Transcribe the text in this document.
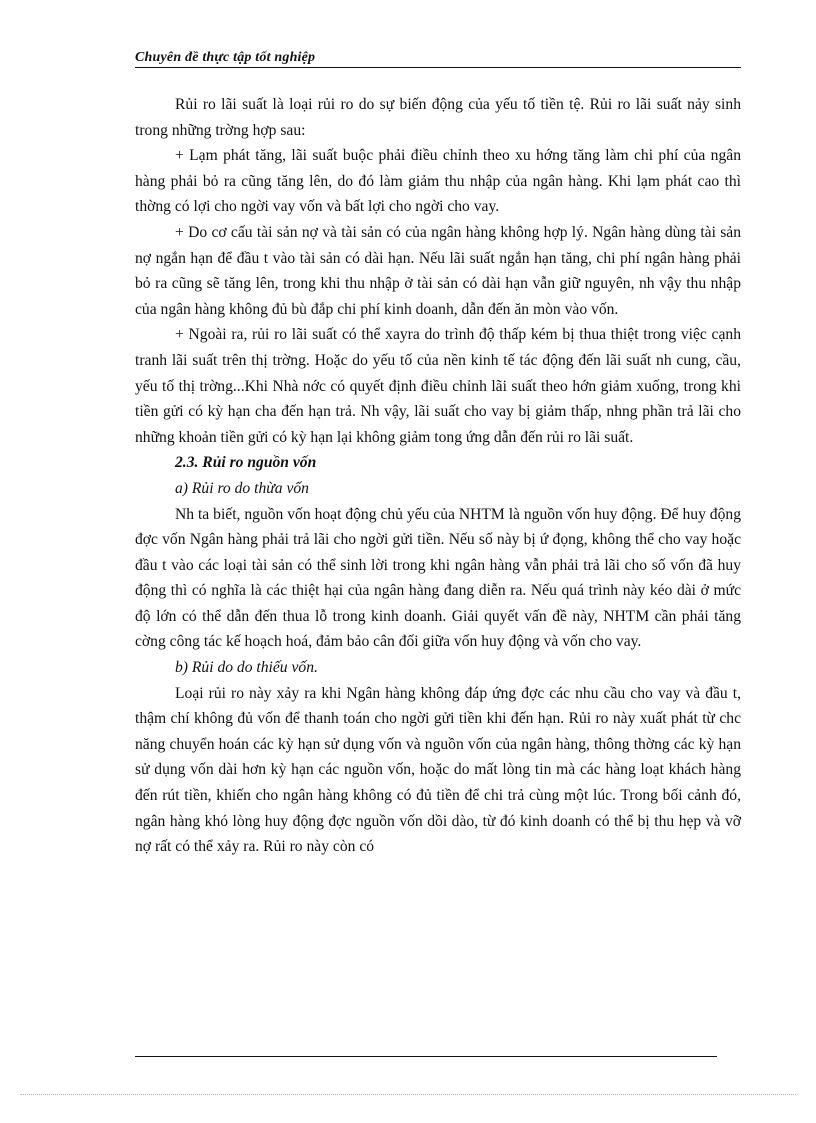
Chuyên đề thực tập tốt nghiệp

Rủi ro lãi suất là loại rủi ro do sự biến động của yếu tố tiền tệ. Rủi ro lãi suất nảy sinh trong những trờng hợp sau:

+ Lạm phát tăng, lãi suất buộc phải điều chỉnh theo xu hớng tăng làm chi phí của ngân hàng phải bỏ ra cũng tăng lên, do đó làm giảm thu nhập của ngân hàng. Khi lạm phát cao thì thờng có lợi cho ngời vay vốn và bất lợi cho ngời cho vay.

+ Do cơ cấu tài sản nợ và tài sản có của ngân hàng không hợp lý. Ngân hàng dùng tài sản nợ ngắn hạn để đầu t vào tài sản có dài hạn. Nếu lãi suất ngắn hạn tăng, chi phí ngân hàng phải bỏ ra cũng sẽ tăng lên, trong khi thu nhập ở tài sản có dài hạn vẫn giữ nguyên, nh vậy thu nhập của ngân hàng không đủ bù đắp chi phí kinh doanh, dẫn đến ăn mòn vào vốn.

+ Ngoài ra, rủi ro lãi suất có thể xayra do trình độ thấp kém bị thua thiệt trong việc cạnh tranh lãi suất trên thị trờng. Hoặc do yếu tố của nền kinh tế tác động đến lãi suất nh cung, cầu, yếu tố thị trờng...Khi Nhà nớc có quyết định điều chỉnh lãi suất theo hớn giảm xuống, trong khi tiền gửi có kỳ hạn cha đến hạn trả. Nh vậy, lãi suất cho vay bị giảm thấp, nhng phần trả lãi cho những khoản tiền gửi có kỳ hạn lại không giảm tong ứng dẫn đến rủi ro lãi suất.

2.3. Rủi ro nguồn vốn

a) Rủi ro do thừa vốn

Nh ta biết, nguồn vốn hoạt động chủ yếu của NHTM là nguồn vốn huy động. Để huy động đợc vốn Ngân hàng phải trả lãi cho ngời gửi tiền. Nếu số này bị ứ đọng, không thể cho vay hoặc đầu t vào các loại tài sản có thể sinh lời trong khi ngân hàng vẫn phải trả lãi cho số vốn đã huy động thì có nghĩa là các thiệt hại của ngân hàng đang diễn ra. Nếu quá trình này kéo dài ở mức độ lớn có thể dẫn đến thua lỗ trong kinh doanh. Giải quyết vấn đề này, NHTM cần phải tăng cờng công tác kế hoạch hoá, đảm bảo cân đối giữa vốn huy động và vốn cho vay.

b) Rủi do do thiếu vốn.

Loại rủi ro này xảy ra khi Ngân hàng không đáp ứng đợc các nhu cầu cho vay và đầu t, thậm chí không đủ vốn để thanh toán cho ngời gửi tiền khi đến hạn. Rủi ro này xuất phát từ chc năng chuyển hoán các kỳ hạn sử dụng vốn và nguồn vốn của ngân hàng, thông thờng các kỳ hạn sử dụng vốn dài hơn kỳ hạn các nguồn vốn, hoặc do mất lòng tin mà các hàng loạt khách hàng đến rút tiền, khiến cho ngân hàng không có đủ tiền để chi trả cùng một lúc. Trong bối cảnh đó, ngân hàng khó lòng huy động đợc nguồn vốn dồi dào, từ đó kinh doanh có thể bị thu hẹp và vỡ nợ rất có thể xảy ra. Rủi ro này còn có
